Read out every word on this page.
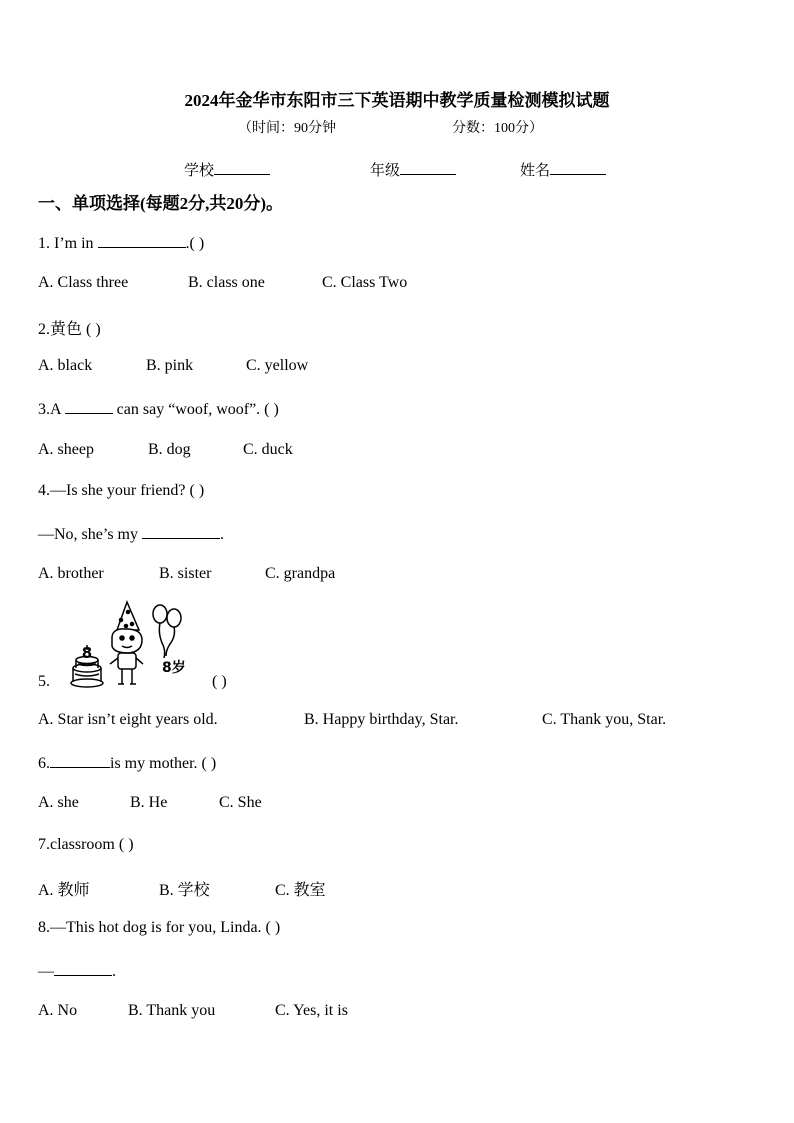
2024年金华市东阳市三下英语期中教学质量检测模拟试题
（时间：90分钟	分数：100分）
学校	年级	姓名
一、单项选择(每题2分,共20分)。
1. I’m in	.( )
A. Class three	B. class one	C. Class Two
2.黄色 ( )
A. black	B. pink	C. yellow
3.A	can say “woof, woof”. ( )
A. sheep	B. dog	C. duck
4.—Is she your friend? ( )
—No, she’s my	.
A. brother	B. sister	C. grandpa
5.
8
8岁
( )
A. Star isn’t eight years old.	B. Happy birthday, Star.	C. Thank you, Star.
6.	is my mother. ( )
A. she	B. He	C. She
7.classroom ( )
A. 教师	B. 学校	C. 教室
8.—This hot dog is for you, Linda. ( )
—	.
A. No	B. Thank you	C. Yes, it is
